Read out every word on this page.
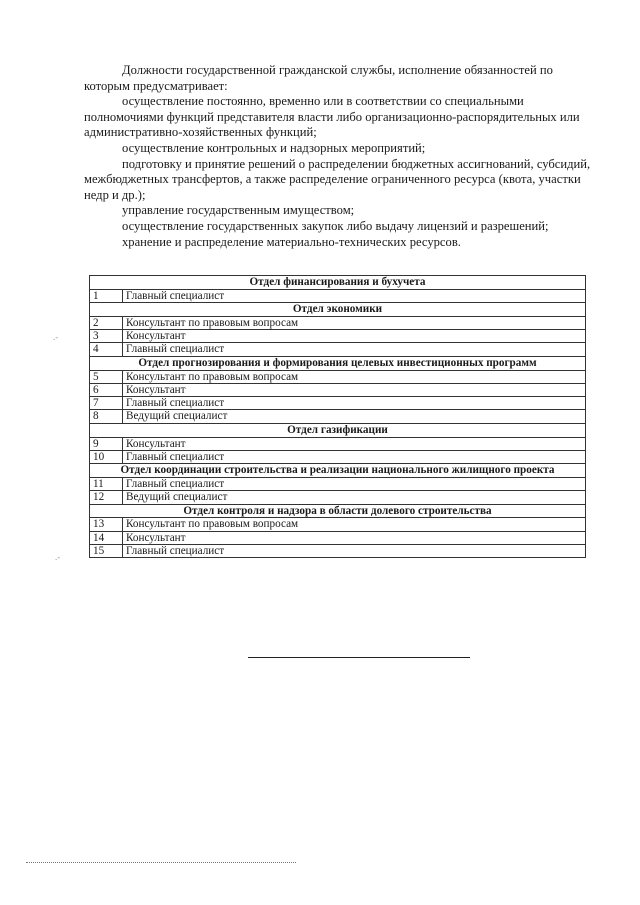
Должности государственной гражданской службы, исполнение обязанностей по которым предусматривает:

осуществление постоянно, временно или в соответствии со специальными полномочиями функций представителя власти либо организационно-распорядительных или административно-хозяйственных функций;

осуществление контрольных и надзорных мероприятий;

подготовку и принятие решений о распределении бюджетных ассигнований, субсидий, межбюджетных трансфертов, а также распределение ограниченного ресурса (квота, участки недр и др.);

управление государственным имуществом;

осуществление государственных закупок либо выдачу лицензий и разрешений;

хранение и распределение материально-технических ресурсов.

Отдел финансирования и бухучета	
1	Главный специалист
Отдел экономики	
2	Консультант по правовым вопросам
3	Консультант
4	Главный специалист
Отдел прогнозирования и формирования целевых инвестиционных программ	
5	Консультант по правовым вопросам
6	Консультант
7	Главный специалист
8	Ведущий специалист
Отдел газификации	
9	Консультант
10	Главный специалист
Отдел координации строительства и реализации национального жилищного проекта	
11	Главный специалист
12	Ведущий специалист
Отдел контроля и надзора в области долевого строительства	
13	Консультант по правовым вопросам
14	Консультант
15	Главный специалист
.-
.-
